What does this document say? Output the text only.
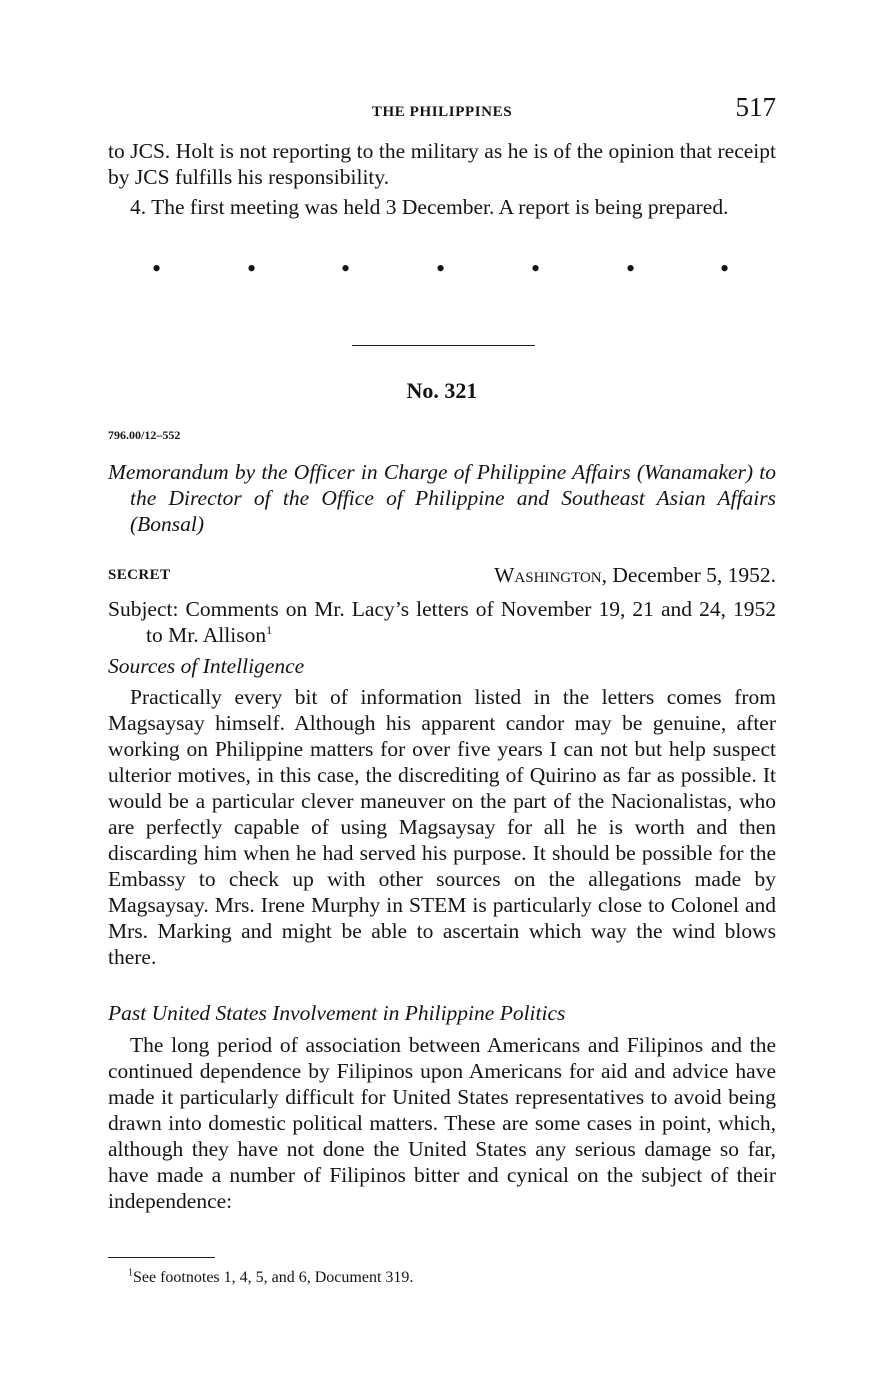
THE PHILIPPINES	517
to JCS. Holt is not reporting to the military as he is of the opinion that receipt by JCS fulfills his responsibility.
4. The first meeting was held 3 December. A report is being prepared.
•	•	•	•	•	•	•
No. 321
796.00/12–552
Memorandum by the Officer in Charge of Philippine Affairs (Wanamaker) to the Director of the Office of Philippine and Southeast Asian Affairs (Bonsal)
SECRET	Washington, December 5, 1952.
Subject: Comments on Mr. Lacy’s letters of November 19, 21 and 24, 1952 to Mr. Allison$^1$
Sources of Intelligence
Practically every bit of information listed in the letters comes from Magsaysay himself. Although his apparent candor may be genuine, after working on Philippine matters for over five years I can not but help suspect ulterior motives, in this case, the discrediting of Quirino as far as possible. It would be a particular clever maneuver on the part of the Nacionalistas, who are perfectly capable of using Magsaysay for all he is worth and then discarding him when he had served his purpose. It should be possible for the Embassy to check up with other sources on the allegations made by Magsaysay. Mrs. Irene Murphy in STEM is particularly close to Colonel and Mrs. Marking and might be able to ascertain which way the wind blows there.
Past United States Involvement in Philippine Politics
The long period of association between Americans and Filipinos and the continued dependence by Filipinos upon Americans for aid and advice have made it particularly difficult for United States representatives to avoid being drawn into domestic political matters. These are some cases in point, which, although they have not done the United States any serious damage so far, have made a number of Filipinos bitter and cynical on the subject of their independence:
$^1$See footnotes 1, 4, 5, and 6, Document 319.
